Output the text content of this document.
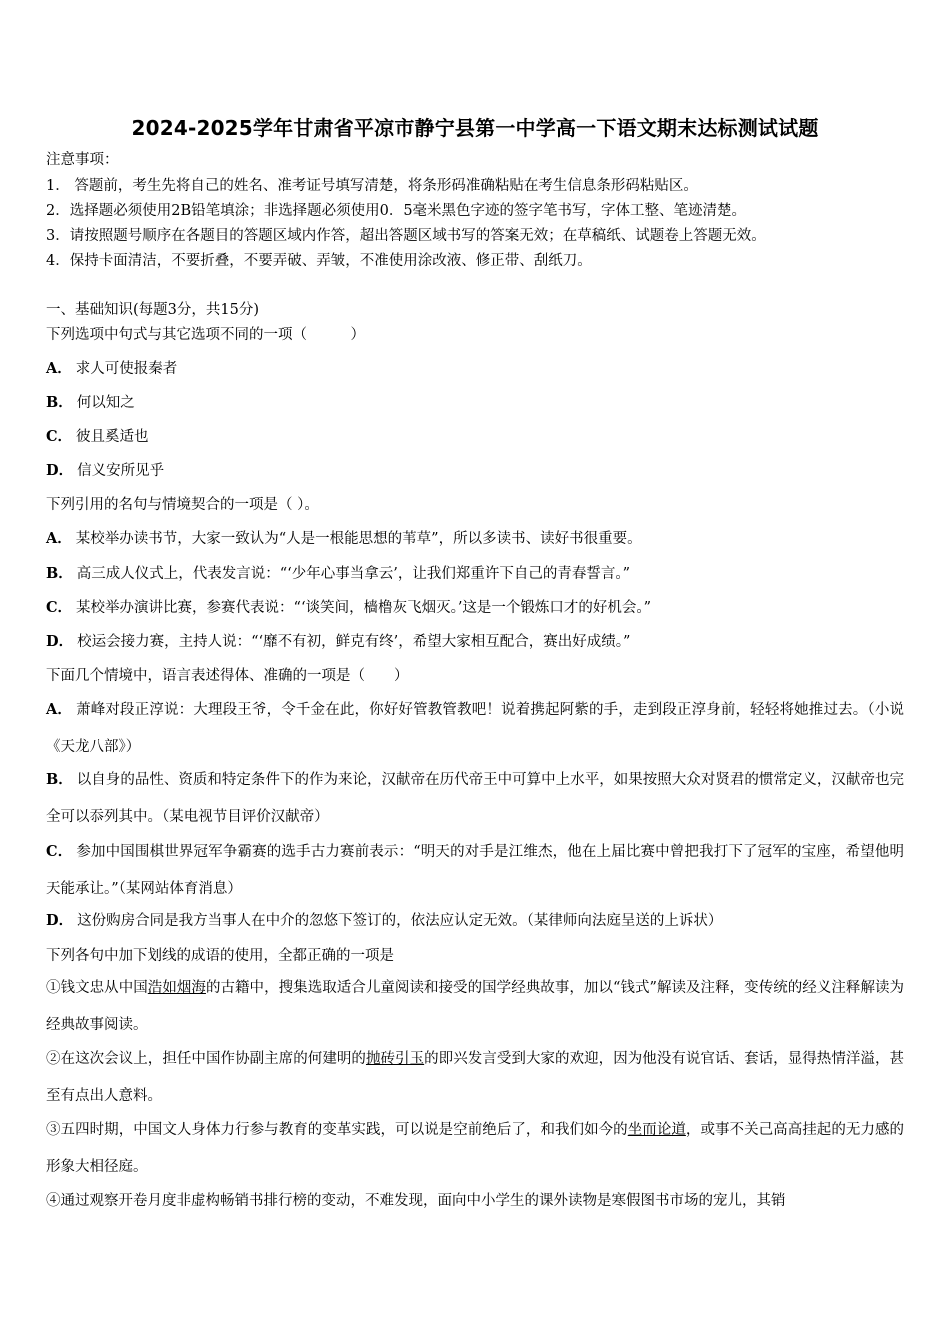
2024-2025学年甘肃省平凉市静宁县第一中学高一下语文期末达标测试试题
注意事项：
1． 答题前，考生先将自己的姓名、准考证号填写清楚，将条形码准确粘贴在考生信息条形码粘贴区。
2．选择题必须使用2B铅笔填涂；非选择题必须使用0．5毫米黑色字迹的签字笔书写，字体工整、笔迹清楚。
3．请按照题号顺序在各题目的答题区域内作答，超出答题区域书写的答案无效；在草稿纸、试题卷上答题无效。
4．保持卡面清洁，不要折叠，不要弄破、弄皱，不准使用涂改液、修正带、刮纸刀。
一、基础知识(每题3分，共15分)
下列选项中句式与其它选项不同的一项（　　　）
A． 求人可使报秦者
B． 何以知之
C． 彼且奚适也
D． 信义安所见乎
下列引用的名句与情境契合的一项是（ ）。
A． 某校举办读书节，大家一致认为“人是一根能思想的苇草”，所以多读书、读好书很重要。
B． 高三成人仪式上，代表发言说：“‘少年心事当拿云’，让我们郑重许下自己的青春誓言。”
C． 某校举办演讲比赛，参赛代表说：“‘谈笑间，樯橹灰飞烟灭。’这是一个锻炼口才的好机会。”
D． 校运会接力赛，主持人说：“‘靡不有初，鲜克有终’，希望大家相互配合，赛出好成绩。”
下面几个情境中，语言表述得体、准确的一项是（　　）
A． 萧峰对段正淳说：大理段王爷，令千金在此，你好好管教管教吧！说着携起阿紫的手，走到段正淳身前，轻轻将她推过去。（小说《天龙八部》）
B． 以自身的品性、资质和特定条件下的作为来论，汉献帝在历代帝王中可算中上水平，如果按照大众对贤君的惯常定义，汉献帝也完全可以忝列其中。（某电视节目评价汉献帝）
C． 参加中国围棋世界冠军争霸赛的选手古力赛前表示：“明天的对手是江维杰，他在上届比赛中曾把我打下了冠军的宝座，希望他明天能承让。”（某网站体育消息）
D． 这份购房合同是我方当事人在中介的忽悠下签订的，依法应认定无效。（某律师向法庭呈送的上诉状）
下列各句中加下划线的成语的使用，全都正确的一项是
①钱文忠从中国浩如烟海的古籍中，搜集选取适合儿童阅读和接受的国学经典故事，加以“钱式”解读及注释，变传统的经义注释解读为经典故事阅读。
②在这次会议上，担任中国作协副主席的何建明的抛砖引玉的即兴发言受到大家的欢迎，因为他没有说官话、套话，显得热情洋溢，甚至有点出人意料。
③五四时期，中国文人身体力行参与教育的变革实践，可以说是空前绝后了，和我们如今的坐而论道，或事不关己高高挂起的无力感的形象大相径庭。
④通过观察开卷月度非虚构畅销书排行榜的变动，不难发现，面向中小学生的课外读物是寒假图书市场的宠儿，其销
